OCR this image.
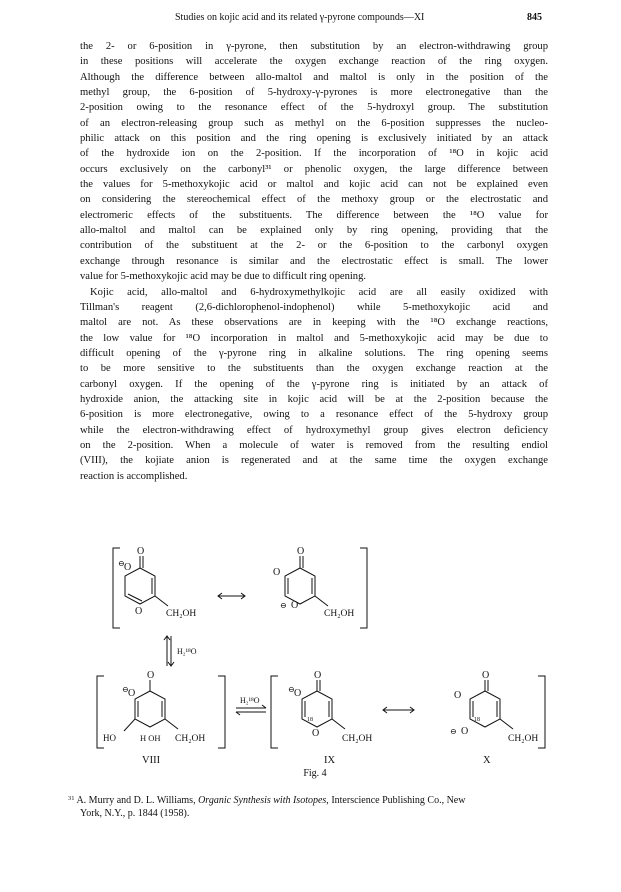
Studies on kojic acid and its related γ-pyrone compounds—XI	845
the 2- or 6-position in γ-pyrone, then substitution by an electron-withdrawing group
in these positions will accelerate the oxygen exchange reaction of the ring oxygen.
Although the difference between allo-maltol and maltol is only in the position of the
methyl group, the 6-position of 5-hydroxy-γ-pyrones is more electronegative than the
2-position owing to the resonance effect of the 5-hydroxyl group. The substitution
of an electron-releasing group such as methyl on the 6-position suppresses the nucleo-
philic attack on this position and the ring opening is exclusively initiated by an attack
of the hydroxide ion on the 2-position. If the incorporation of ¹⁸O in kojic acid
occurs exclusively on the carbonyl³¹ or phenolic oxygen, the large difference between
the values for 5-methoxykojic acid or maltol and kojic acid can not be explained even
on considering the stereochemical effect of the methoxy group or the electrostatic and
electromeric effects of the substituents. The difference between the ¹⁸O value for
allo-maltol and maltol can be explained only by ring opening, providing that the
contribution of the substituent at the 2- or the 6-position to the carbonyl oxygen
exchange through resonance is similar and the electrostatic effect is small. The lower
value for 5-methoxykojic acid may be due to difficult ring opening.
Kojic acid, allo-maltol and 6-hydroxymethylkojic acid are all easily oxidized with
Tillman's reagent (2,6-dichlorophenol-indophenol) while 5-methoxykojic acid and
maltol are not. As these observations are in keeping with the ¹⁸O exchange reactions,
the low value for ¹⁸O incorporation in maltol and 5-methoxykojic acid may be due to
difficult opening of the γ-pyrone ring in alkaline solutions. The ring opening seems
to be more sensitive to the substituents than the oxygen exchange reaction at the
carbonyl oxygen. If the opening of the γ-pyrone ring is initiated by an attack of
hydroxide anion, the attacking site in kojic acid will be at the 2-position because the
6-position is more electronegative, owing to a resonance effect of the 5-hydroxy group
while the electron-withdrawing effect of hydroxymethyl group gives electron deficiency
on the 2-position. When a molecule of water is removed from the resulting endiol
(VIII), the kojiate anion is regenerated and at the same time the oxygen exchange
reaction is accomplished.
O
⊖ O
O	CH₂OH
O
O
⊖ O
CH₂OH
H₂¹⁸O
O
⊖ O
HO	H OH CH₂OH
H₂¹⁸O
O
⊖ O
18
O CH₂OH
O
O
⊖ O
18
CH₂OH
VIII	IX	X
Fig. 4
$^{31}$ A. Murry and D. L. Williams, Organic Synthesis with Isotopes, Interscience Publishing Co., New
York, N.Y., p. 1844 (1958).
